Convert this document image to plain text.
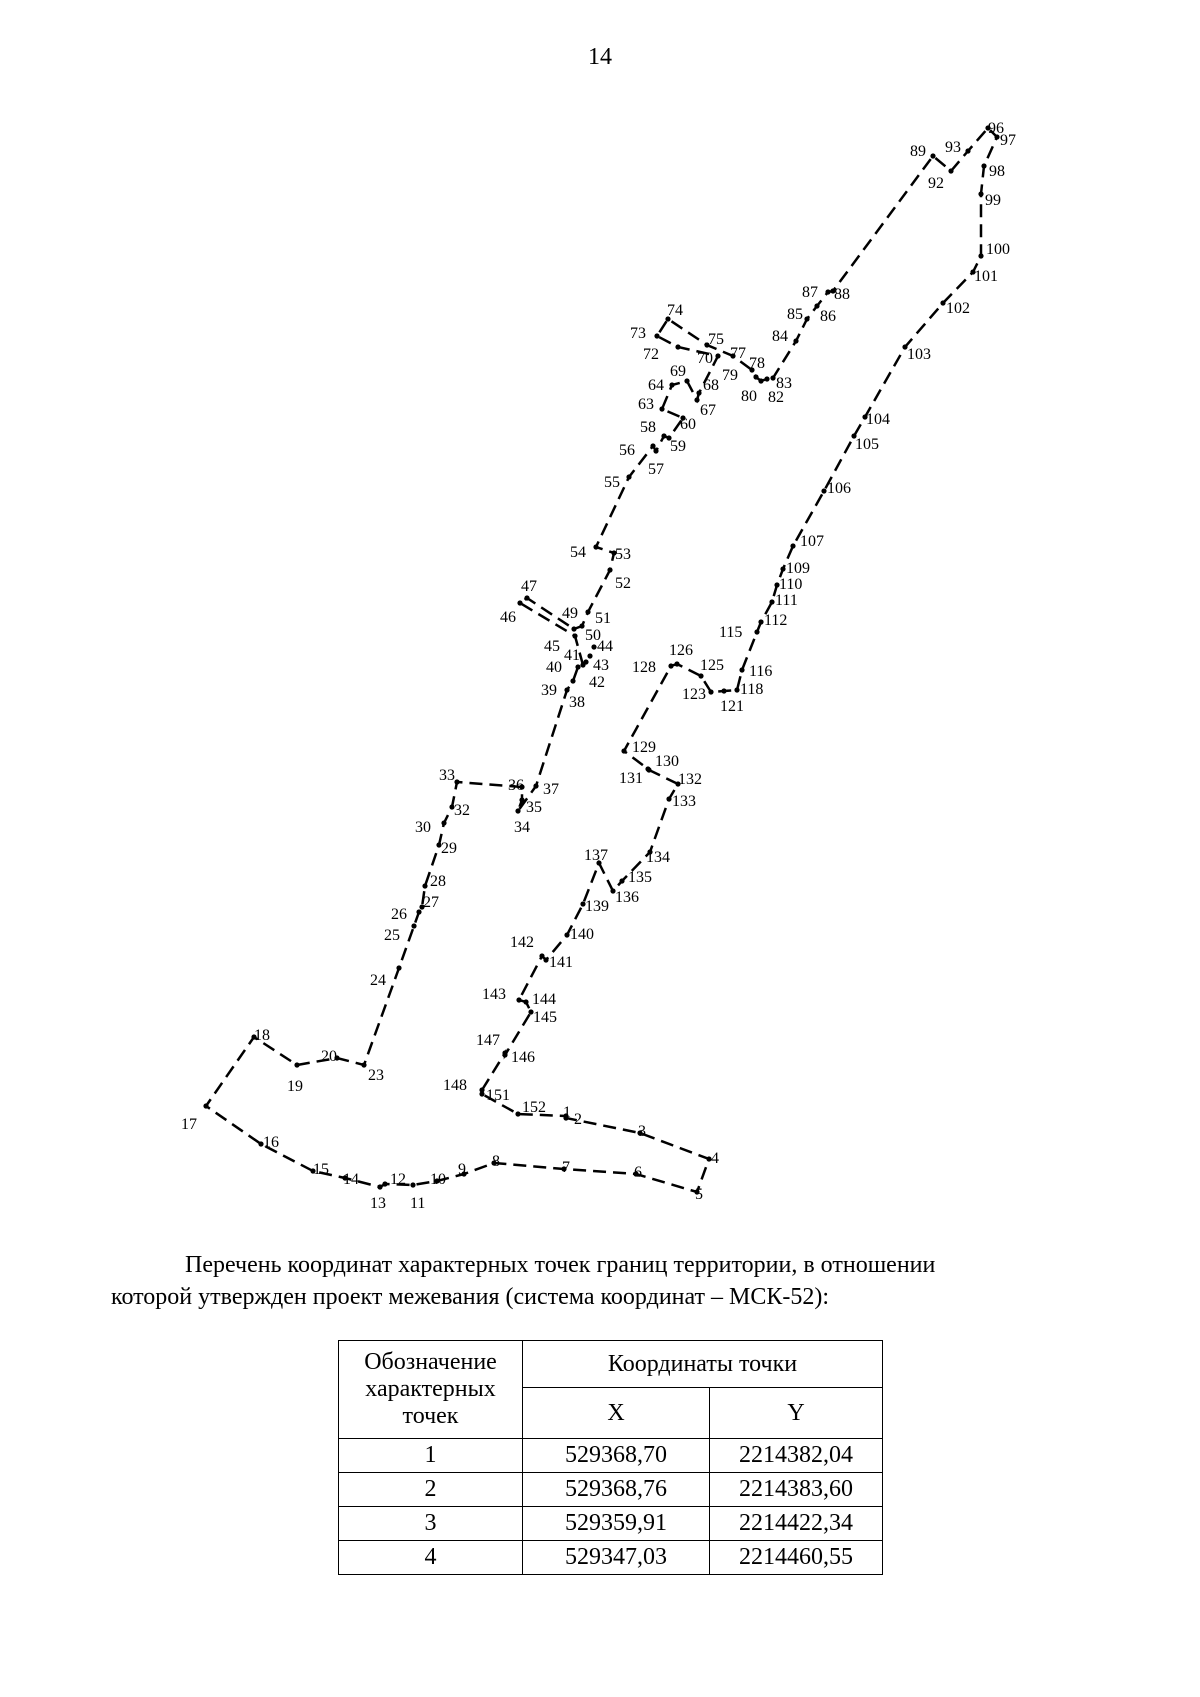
14
1 2
3
4
5
6
7
8
9
10
11
12
13
14
15
16
17
18
19
20
23
24
25
26
27
28
29
30
32
33
34
35
36 37
38
39
40
41
42
43
44
45
46
47
49
50
51
52
53
54
55
56
57
58
59
60
63
64
67
68
69
70
72
73
74
75
77
78
79
80 82
83
84
85 86
87 88
89
92
93
96
97
98
99
100
101
102
103
104
105
106
107
109
110
111
112
115
116
118
121
123
125
126
128
129
130
131 132
133
134
135
136
137
139
140
141
142
143 144
145
146
147
148
151
152
Перечень координат характерных точек границ территории, в отношении
которой утвержден проект межевания (система координат – МСК-52):
Обозначение характерных точек	Координаты точки	
	X	Y
1	529368,70	2214382,04
2	529368,76	2214383,60
3	529359,91	2214422,34
4	529347,03	2214460,55
